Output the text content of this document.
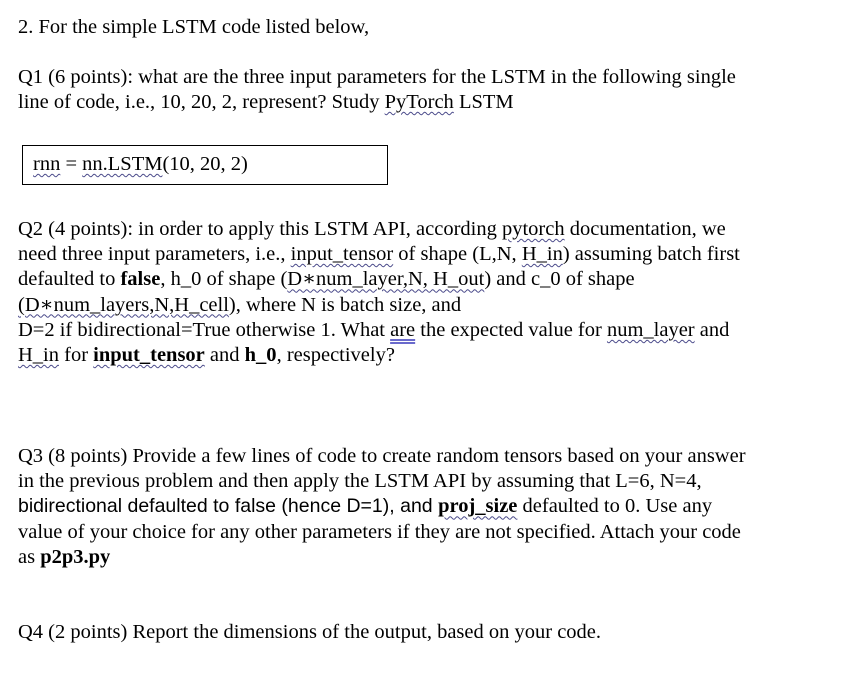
2. For the simple LSTM code listed below,
Q1 (6 points): what are the three input parameters for the LSTM in the following single
line of code, i.e., 10, 20, 2, represent? Study PyTorch LSTM
rnn = nn.LSTM(10, 20, 2)
Q2 (4 points): in order to apply this LSTM API, according pytorch documentation, we
need three input parameters, i.e., input_tensor of shape (L,N, H_in) assuming batch first
defaulted to false, h_0 of shape (D∗num_layer,N, H_out) and c_0 of shape
(D∗num_layers,N,H_cell), where N is batch size, and
D=2 if bidirectional=True otherwise 1. What are the expected value for num_layer and
H_in for input_tensor and h_0, respectively?
Q3 (8 points) Provide a few lines of code to create random tensors based on your answer
in the previous problem and then apply the LSTM API by assuming that L=6, N=4,
bidirectional defaulted to false (hence D=1), and proj_size defaulted to 0. Use any
value of your choice for any other parameters if they are not specified. Attach your code
as p2p3.py
Q4 (2 points) Report the dimensions of the output, based on your code.
